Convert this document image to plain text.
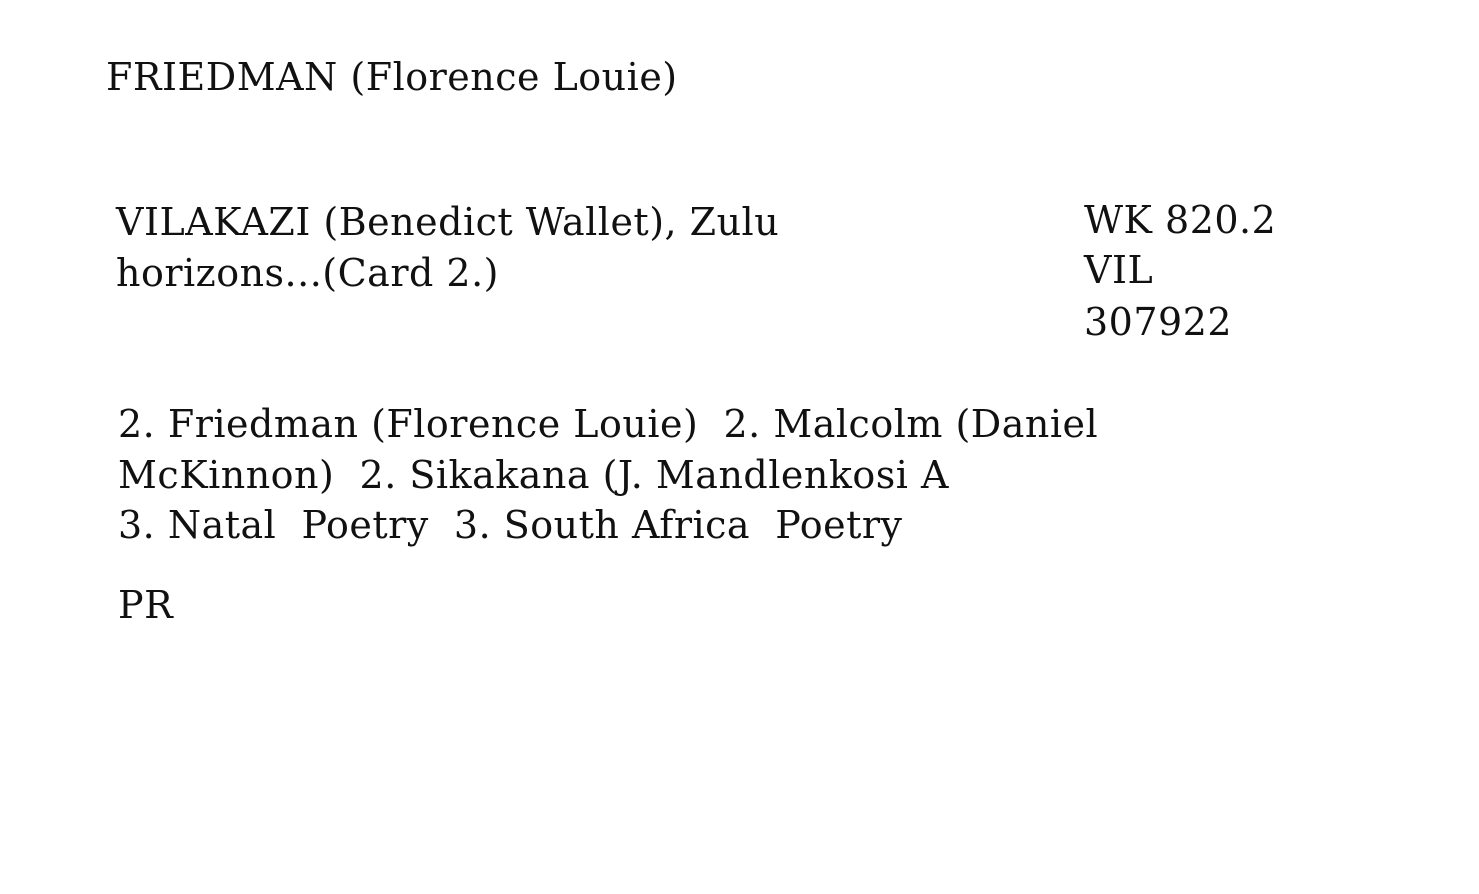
FRIEDMAN (Florence Louie)
VILAKAZI (Benedict Wallet), Zulu
horizons...(Card 2.)
WK 820.2
VIL
307922
2. Friedman (Florence Louie)  2. Malcolm (Daniel
McKinnon)  2. Sikakana (J. Mandlenkosi A
3. Natal  Poetry  3. South Africa  Poetry
PR
